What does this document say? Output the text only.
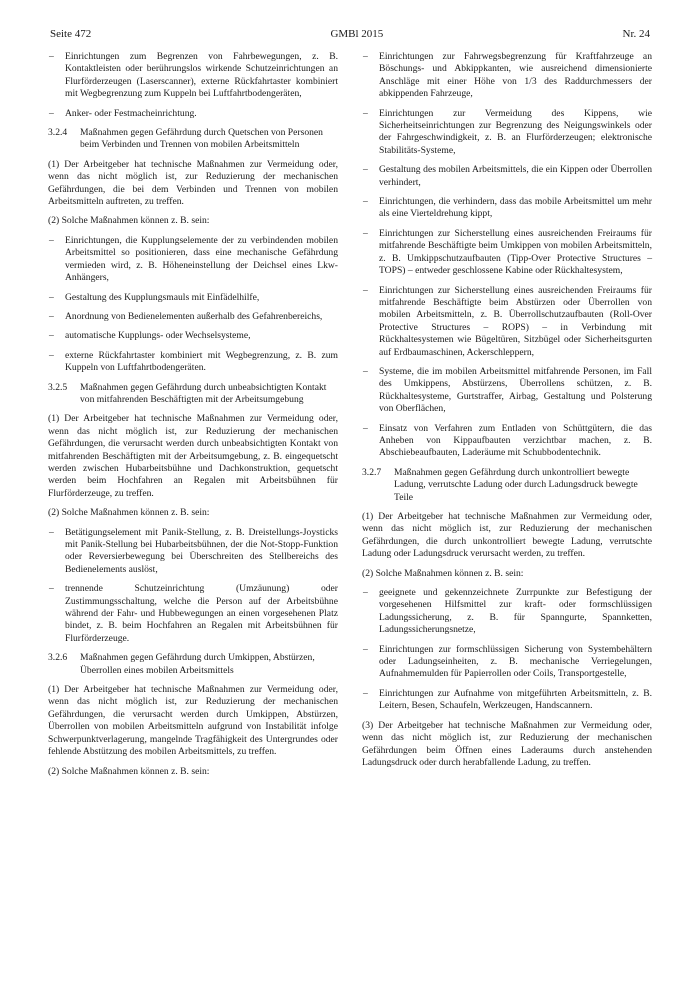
Seite 472	GMBl 2015	Nr. 24
– Einrichtungen zum Begrenzen von Fahrbewegungen, z. B. Kontaktleisten oder berührungslos wirkende Schutzeinrichtungen an Flurförderzeugen (Laserscanner), externe Rückfahrtaster kombiniert mit Wegbegrenzung zum Kuppeln bei Luftfahrtbodengeräten,
– Anker- oder Festmacheinrichtung.
3.2.4	Maßnahmen gegen Gefährdung durch Quetschen von Personen beim Verbinden und Trennen von mobilen Arbeitsmitteln

(1) Der Arbeitgeber hat technische Maßnahmen zur Vermeidung oder, wenn das nicht möglich ist, zur Reduzierung der mechanischen Gefährdungen, die bei dem Verbinden und Trennen von mobilen Arbeitsmitteln auftreten, zu treffen.

(2) Solche Maßnahmen können z. B. sein:

– Einrichtungen, die Kupplungselemente der zu verbindenden mobilen Arbeitsmittel so positionieren, dass eine mechanische Gefährdung vermieden wird, z. B. Höheneinstellung der Deichsel eines Lkw-Anhängers,
– Gestaltung des Kupplungsmauls mit Einfädelhilfe,
– Anordnung von Bedienelementen außerhalb des Gefahrenbereichs,
– automatische Kupplungs- oder Wechselsysteme,
– externe Rückfahrtaster kombiniert mit Wegbegrenzung, z. B. zum Kuppeln von Luftfahrtbodengeräten.
3.2.5	Maßnahmen gegen Gefährdung durch unbeabsichtigten Kontakt von mitfahrenden Beschäftigten mit der Arbeitsumgebung

(1) Der Arbeitgeber hat technische Maßnahmen zur Vermeidung oder, wenn das nicht möglich ist, zur Reduzierung der mechanischen Gefährdungen, die verursacht werden durch unbeabsichtigten Kontakt von mitfahrenden Beschäftigten mit der Arbeitsumgebung, z. B. eingequetscht werden zwischen Hubarbeitsbühne und Dachkonstruktion, gequetscht werden beim Hochfahren an Regalen mit Arbeitsbühnen für Flurförderzeuge, zu treffen.

(2) Solche Maßnahmen können z. B. sein:

– Betätigungselement mit Panik-Stellung, z. B. Dreistellungs-Joysticks mit Panik-Stellung bei Hubarbeitsbühnen, der die Not-Stopp-Funktion oder Reversierbewegung bei Überschreiten des Stellbereichs des Bedienelements auslöst,
– trennende Schutzeinrichtung (Umzäunung) oder Zustimmungsschaltung, welche die Person auf der Arbeitsbühne während der Fahr- und Hubbewegungen an einen vorgesehenen Platz bindet, z. B. beim Hochfahren an Regalen mit Arbeitsbühnen für Flurförderzeuge.
3.2.6	Maßnahmen gegen Gefährdung durch Umkippen, Abstürzen, Überrollen eines mobilen Arbeitsmittels

(1) Der Arbeitgeber hat technische Maßnahmen zur Vermeidung oder, wenn das nicht möglich ist, zur Reduzierung der mechanischen Gefährdungen, die verursacht werden durch Umkippen, Abstürzen, Überrollen von mobilen Arbeitsmitteln aufgrund von Instabilität infolge Schwerpunktverlagerung, mangelnde Tragfähigkeit des Untergrundes oder fehlende Abstützung des mobilen Arbeitsmittels, zu treffen.

(2) Solche Maßnahmen können z. B. sein:

– Einrichtungen zur Fahrwegsbegrenzung für Kraftfahrzeuge an Böschungs- und Abkippkanten, wie ausreichend dimensionierte Anschläge mit einer Höhe von 1/3 des Raddurchmessers der abkippenden Fahrzeuge,
– Einrichtungen zur Vermeidung des Kippens, wie Sicherheitseinrichtungen zur Begrenzung des Neigungswinkels oder der Fahrgeschwindigkeit, z. B. an Flurförderzeugen; elektronische Stabilitäts-Systeme,
– Gestaltung des mobilen Arbeitsmittels, die ein Kippen oder Überrollen verhindert,
– Einrichtungen, die verhindern, dass das mobile Arbeitsmittel um mehr als eine Vierteldrehung kippt,
– Einrichtungen zur Sicherstellung eines ausreichenden Freiraums für mitfahrende Beschäftigte beim Umkippen von mobilen Arbeitsmitteln, z. B. Umkippschutzaufbauten (Tipp-Over Protective Structures – TOPS) – entweder geschlossene Kabine oder Rückhaltesystem,
– Einrichtungen zur Sicherstellung eines ausreichenden Freiraums für mitfahrende Beschäftigte beim Abstürzen oder Überrollen von mobilen Arbeitsmitteln, z. B. Überrollschutzaufbauten (Roll-Over Protective Structures – ROPS) – in Verbindung mit Rückhaltesystemen wie Bügeltüren, Sitzbügel oder Sicherheitsgurten auf Erdbaumaschinen, Ackerschleppern,
– Systeme, die im mobilen Arbeitsmittel mitfahrende Personen, im Fall des Umkippens, Abstürzens, Überrollens schützen, z. B. Rückhaltesysteme, Gurtstraffer, Airbag, Gestaltung und Polsterung von Oberflächen,
– Einsatz von Verfahren zum Entladen von Schüttgütern, die das Anheben von Kippaufbauten verzichtbar machen, z. B. Abschiebeaufbauten, Laderäume mit Schubbodentechnik.
3.2.7	Maßnahmen gegen Gefährdung durch unkontrolliert bewegte Ladung, verrutschte Ladung oder durch Ladungsdruck bewegte Teile

(1) Der Arbeitgeber hat technische Maßnahmen zur Vermeidung oder, wenn das nicht möglich ist, zur Reduzierung der mechanischen Gefährdungen, die durch unkontrolliert bewegte Ladung, verrutschte Ladung oder Ladungsdruck verursacht werden, zu treffen.

(2) Solche Maßnahmen können z. B. sein:

– geeignete und gekennzeichnete Zurrpunkte zur Befestigung der vorgesehenen Hilfsmittel zur kraft- oder formschlüssigen Ladungssicherung, z. B. für Spanngurte, Spannketten, Ladungssicherungsnetze,
– Einrichtungen zur formschlüssigen Sicherung von Systembehältern oder Ladungseinheiten, z. B. mechanische Verriegelungen, Aufnahmemulden für Papierrollen oder Coils, Transportgestelle,
– Einrichtungen zur Aufnahme von mitgeführten Arbeitsmitteln, z. B. Leitern, Besen, Schaufeln, Werkzeugen, Handscannern.

(3) Der Arbeitgeber hat technische Maßnahmen zur Vermeidung oder, wenn das nicht möglich ist, zur Reduzierung der mechanischen Gefährdungen beim Öffnen eines Laderaums durch anstehenden Ladungsdruck oder durch herabfallende Ladung, zu treffen.
